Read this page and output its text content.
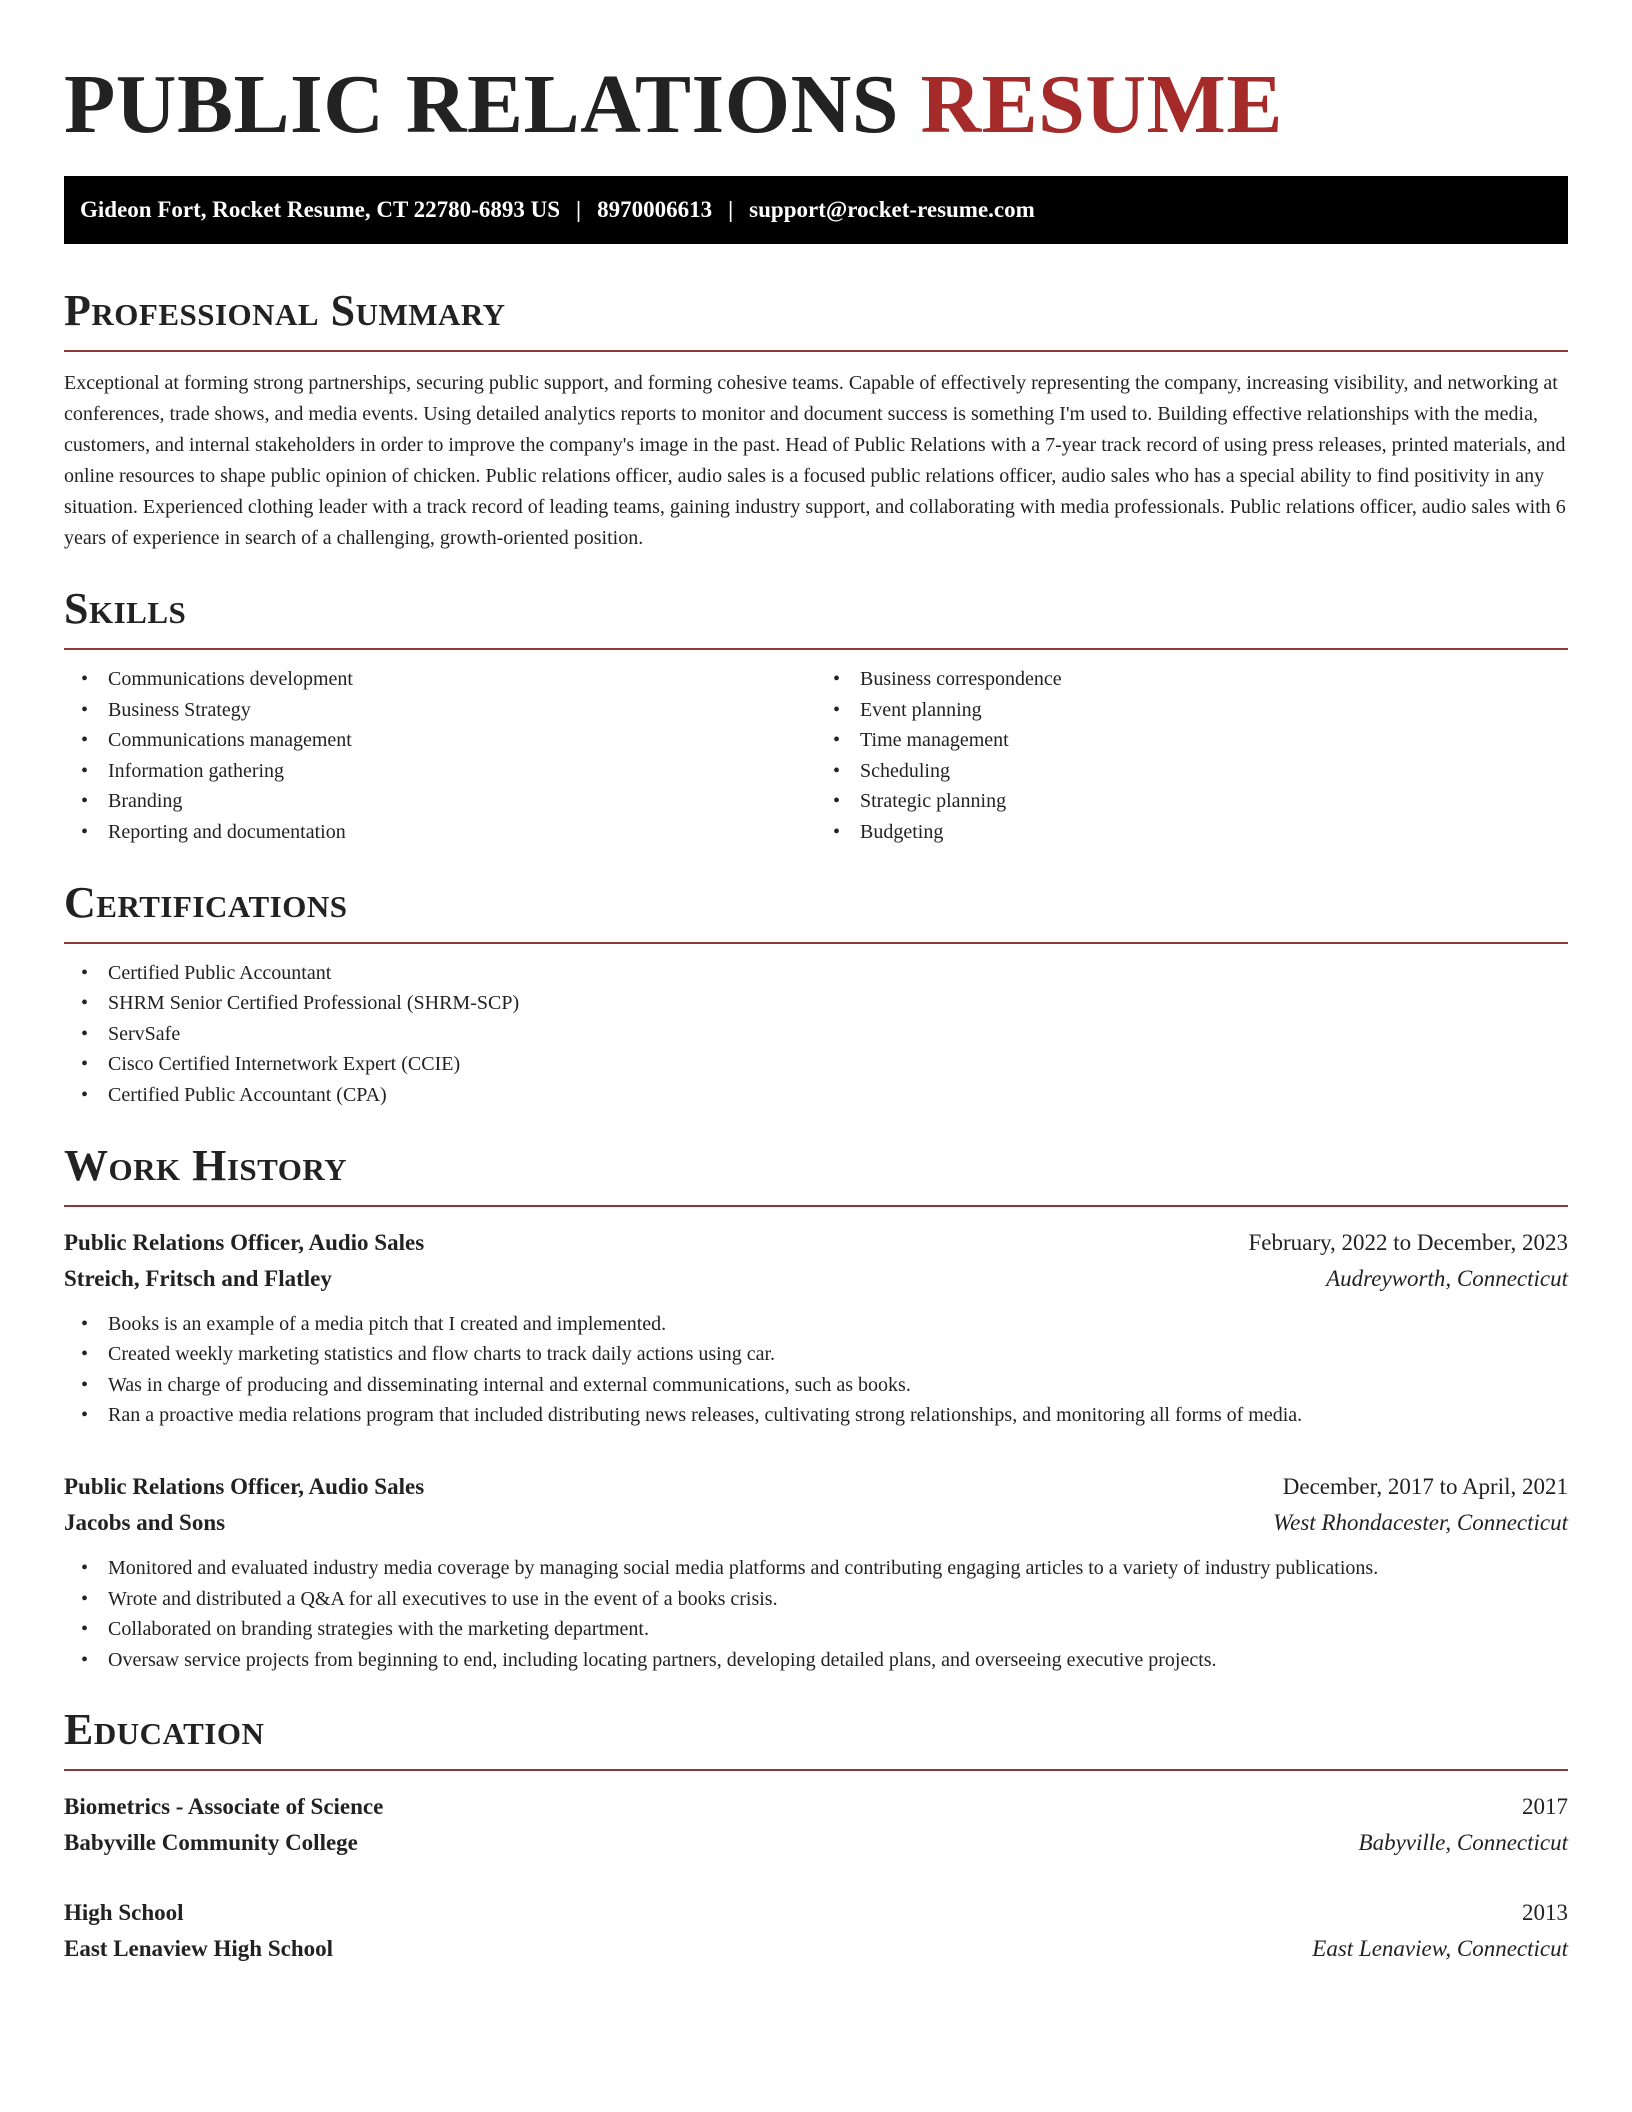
PUBLIC RELATIONS RESUME
Gideon Fort, Rocket Resume, CT 22780-6893 US | 8970006613 | support@rocket-resume.com
Professional Summary

Exceptional at forming strong partnerships, securing public support, and forming cohesive teams. Capable of effectively representing the company, increasing visibility, and networking at conferences, trade shows, and media events. Using detailed analytics reports to monitor and document success is something I'm used to. Building effective relationships with the media, customers, and internal stakeholders in order to improve the company's image in the past. Head of Public Relations with a 7-year track record of using press releases, printed materials, and online resources to shape public opinion of chicken. Public relations officer, audio sales is a focused public relations officer, audio sales who has a special ability to find positivity in any situation. Experienced clothing leader with a track record of leading teams, gaining industry support, and collaborating with media professionals. Public relations officer, audio sales with 6 years of experience in search of a challenging, growth-oriented position.

Skills
• Communications development
• Business Strategy
• Communications management
• Information gathering
• Branding
• Reporting and documentation
• Business correspondence
• Event planning
• Time management
• Scheduling
• Strategic planning
• Budgeting
Certifications
• Certified Public Accountant
• SHRM Senior Certified Professional (SHRM-SCP)
• ServSafe
• Cisco Certified Internetwork Expert (CCIE)
• Certified Public Accountant (CPA)
Work History
Public Relations Officer, Audio Sales	February, 2022 to December, 2023
Streich, Fritsch and Flatley	Audreyworth, Connecticut
• Books is an example of a media pitch that I created and implemented.
• Created weekly marketing statistics and flow charts to track daily actions using car.
• Was in charge of producing and disseminating internal and external communications, such as books.
• Ran a proactive media relations program that included distributing news releases, cultivating strong relationships, and monitoring all forms of media.
Public Relations Officer, Audio Sales	December, 2017 to April, 2021
Jacobs and Sons	West Rhondacester, Connecticut
• Monitored and evaluated industry media coverage by managing social media platforms and contributing engaging articles to a variety of industry publications.
• Wrote and distributed a Q&A for all executives to use in the event of a books crisis.
• Collaborated on branding strategies with the marketing department.
• Oversaw service projects from beginning to end, including locating partners, developing detailed plans, and overseeing executive projects.
Education
Biometrics - Associate of Science	2017
Babyville Community College	Babyville, Connecticut
High School	2013
East Lenaview High School	East Lenaview, Connecticut
